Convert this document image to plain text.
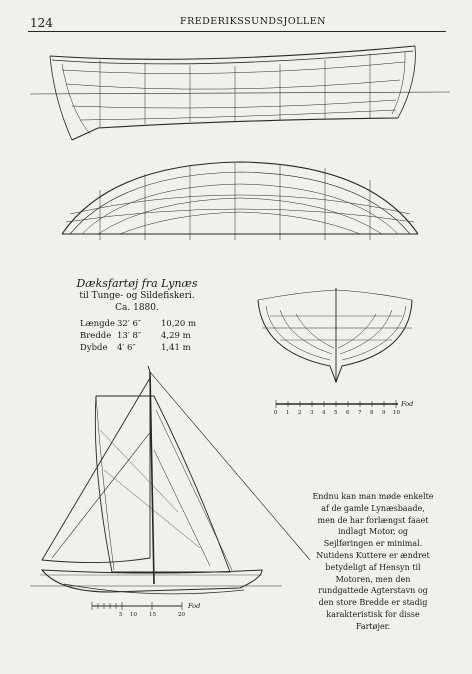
124	FREDERIKSSUNDSJOLLEN
0 1 2 3 4 5 6 7 8 9 10
Fod
5 10 15	20
Fod
Dæksfartøj fra Lynæs
til Tunge- og Sildefiskeri.
Ca. 1880.
Længde 32′ 6″	10,20 m
Bredde 13′ 8″	4,29 m
Dybde	4′ 6″	1,41 m
Endnu kan man møde enkelte af de gamle Lynæsbaade, men de har forlængst faaet indlagt Motor, og Sejlføringen er minimal. Nutidens Kuttere er ændret betydeligt af Hensyn til Motoren, men den rundgattede Agterstavn og den store Bredde er stadig karakteristisk for disse Fartøjer.
